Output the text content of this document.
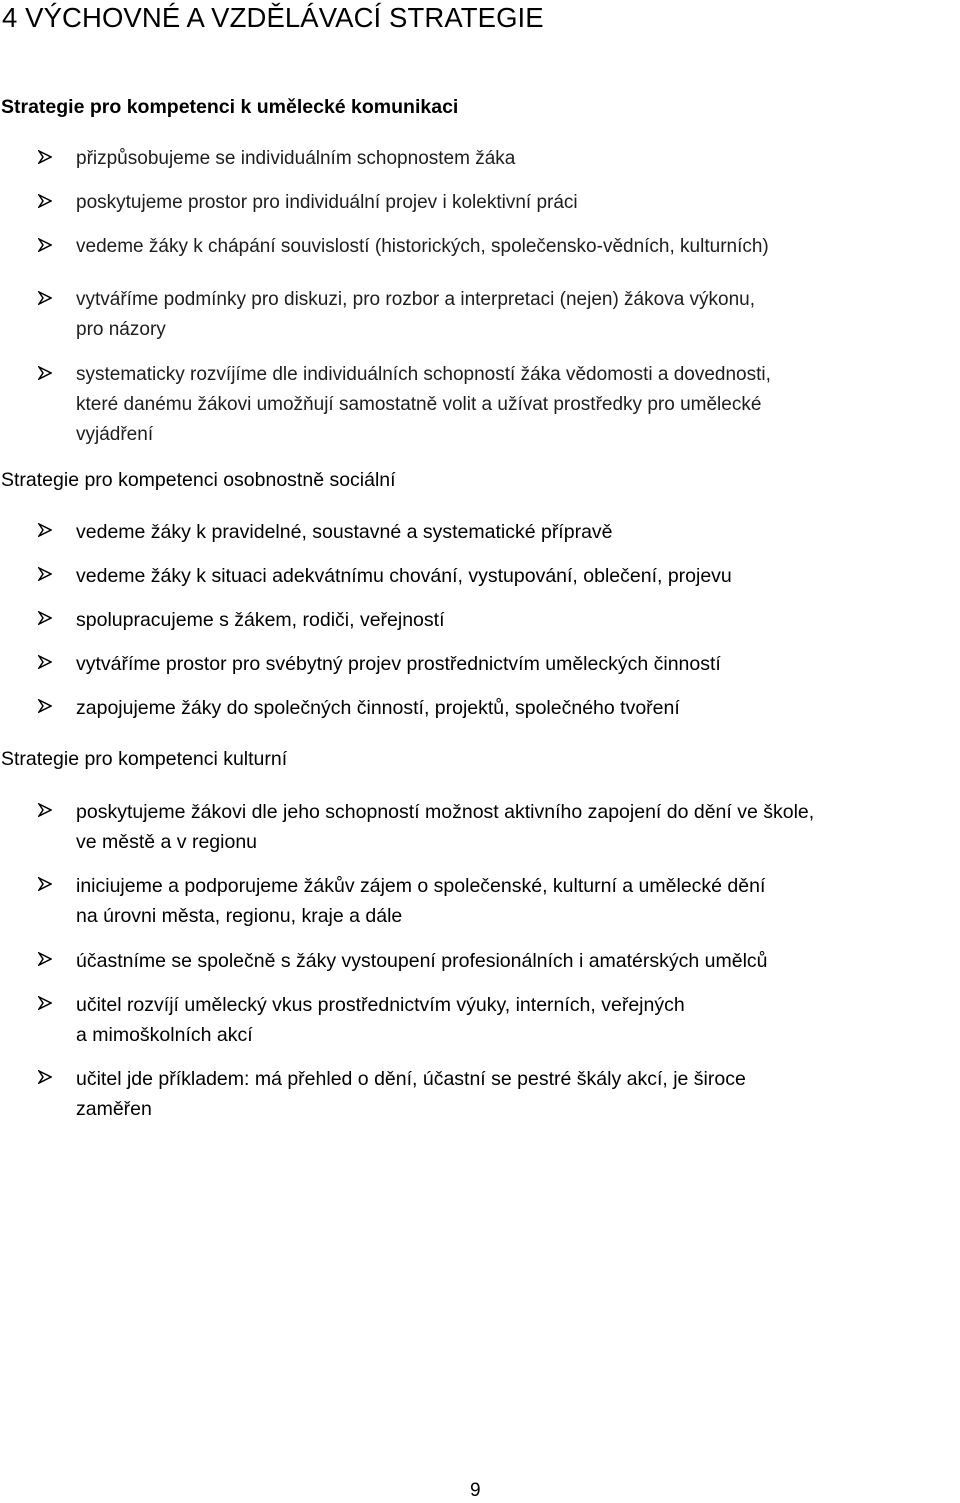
4 VÝCHOVNÉ A VZDĚLÁVACÍ STRATEGIE
Strategie pro kompetenci k umělecké komunikaci
přizpůsobujeme se individuálním schopnostem žáka
poskytujeme prostor pro individuální projev i kolektivní práci
vedeme žáky k chápání souvislostí (historických, společensko-vědních, kulturních)
vytváříme podmínky pro diskuzi, pro rozbor a interpretaci (nejen) žákova výkonu,
pro názory
systematicky rozvíjíme dle individuálních schopností žáka vědomosti a dovednosti,
které danému žákovi umožňují samostatně volit a užívat prostředky pro umělecké
vyjádření
Strategie pro kompetenci osobnostně sociální
vedeme žáky k pravidelné, soustavné a systematické přípravě
vedeme žáky k situaci adekvátnímu chování, vystupování, oblečení, projevu
spolupracujeme s žákem, rodiči, veřejností
vytváříme prostor pro svébytný projev prostřednictvím uměleckých činností
zapojujeme žáky do společných činností, projektů, společného tvoření
Strategie pro kompetenci kulturní
poskytujeme žákovi dle jeho schopností možnost aktivního zapojení do dění ve škole,
ve městě a v regionu
iniciujeme a podporujeme žákův zájem o společenské, kulturní a umělecké dění
na úrovni města, regionu, kraje a dále
účastníme se společně s žáky vystoupení profesionálních i amatérských umělců
učitel rozvíjí umělecký vkus prostřednictvím výuky, interních, veřejných
a mimoškolních akcí
učitel jde příkladem: má přehled o dění, účastní se pestré škály akcí, je široce
zaměřen
9
